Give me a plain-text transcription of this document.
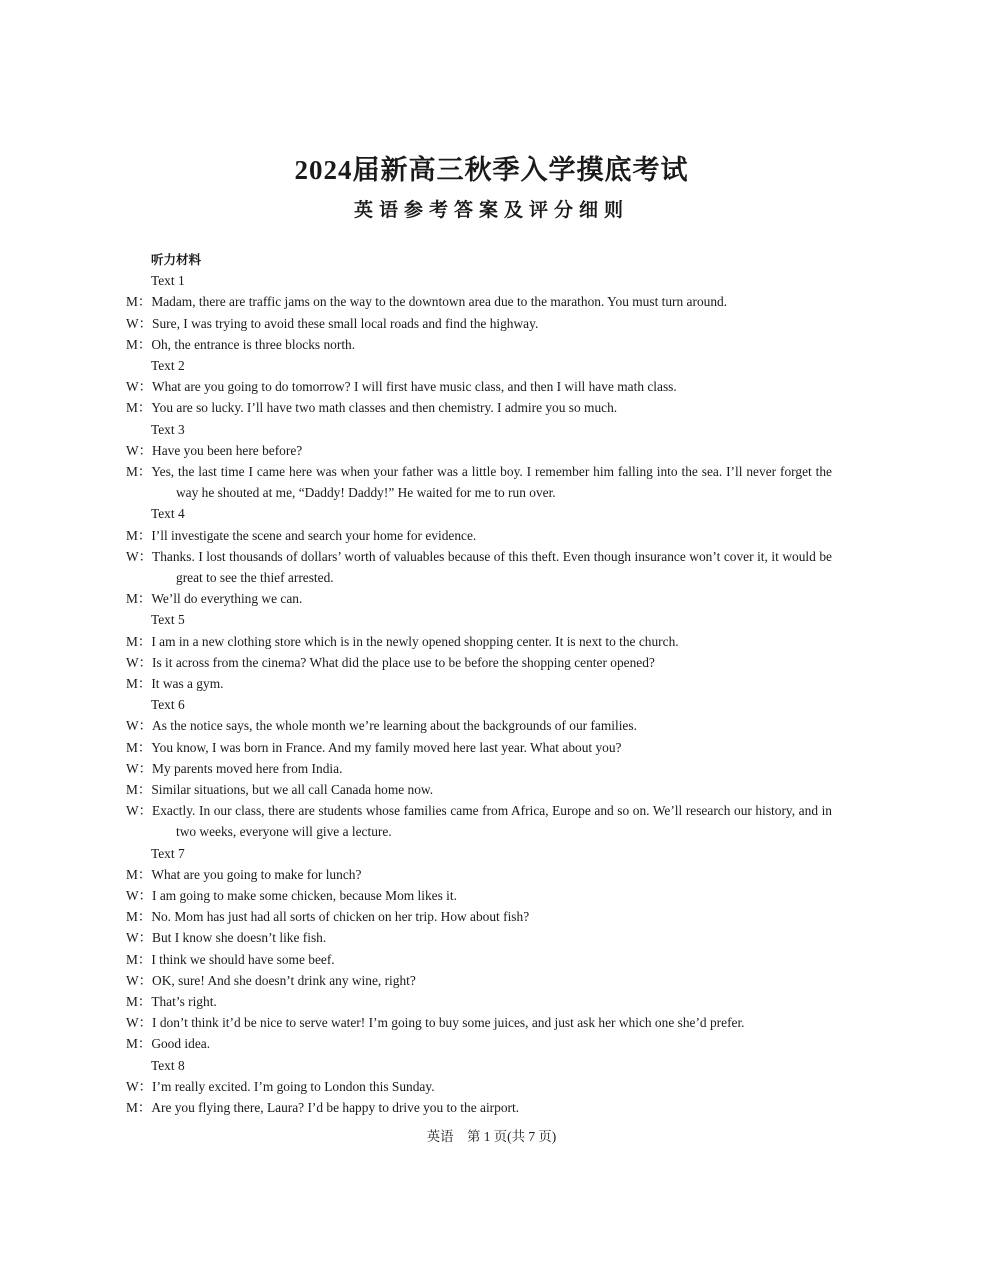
2024届新高三秋季入学摸底考试
英语参考答案及评分细则
听力材料
Text 1
M：Madam, there are traffic jams on the way to the downtown area due to the marathon. You must turn around.
W：Sure, I was trying to avoid these small local roads and find the highway.
M：Oh, the entrance is three blocks north.
Text 2
W：What are you going to do tomorrow? I will first have music class, and then I will have math class.
M：You are so lucky. I’ll have two math classes and then chemistry. I admire you so much.
Text 3
W：Have you been here before?
M：Yes, the last time I came here was when your father was a little boy. I remember him falling into the sea. I’ll never forget the way he shouted at me, “Daddy! Daddy!” He waited for me to run over.
Text 4
M：I’ll investigate the scene and search your home for evidence.
W：Thanks. I lost thousands of dollars’ worth of valuables because of this theft. Even though insurance won’t cover it, it would be great to see the thief arrested.
M：We’ll do everything we can.
Text 5
M：I am in a new clothing store which is in the newly opened shopping center. It is next to the church.
W：Is it across from the cinema? What did the place use to be before the shopping center opened?
M：It was a gym.
Text 6
W：As the notice says, the whole month we’re learning about the backgrounds of our families.
M：You know, I was born in France. And my family moved here last year. What about you?
W：My parents moved here from India.
M：Similar situations, but we all call Canada home now.
W：Exactly. In our class, there are students whose families came from Africa, Europe and so on. We’ll research our history, and in two weeks, everyone will give a lecture.
Text 7
M：What are you going to make for lunch?
W：I am going to make some chicken, because Mom likes it.
M：No. Mom has just had all sorts of chicken on her trip. How about fish?
W：But I know she doesn’t like fish.
M：I think we should have some beef.
W：OK, sure! And she doesn’t drink any wine, right?
M：That’s right.
W：I don’t think it’d be nice to serve water! I’m going to buy some juices, and just ask her which one she’d prefer.
M：Good idea.
Text 8
W：I’m really excited. I’m going to London this Sunday.
M：Are you flying there, Laura? I’d be happy to drive you to the airport.
英语　第 1 页(共 7 页)
